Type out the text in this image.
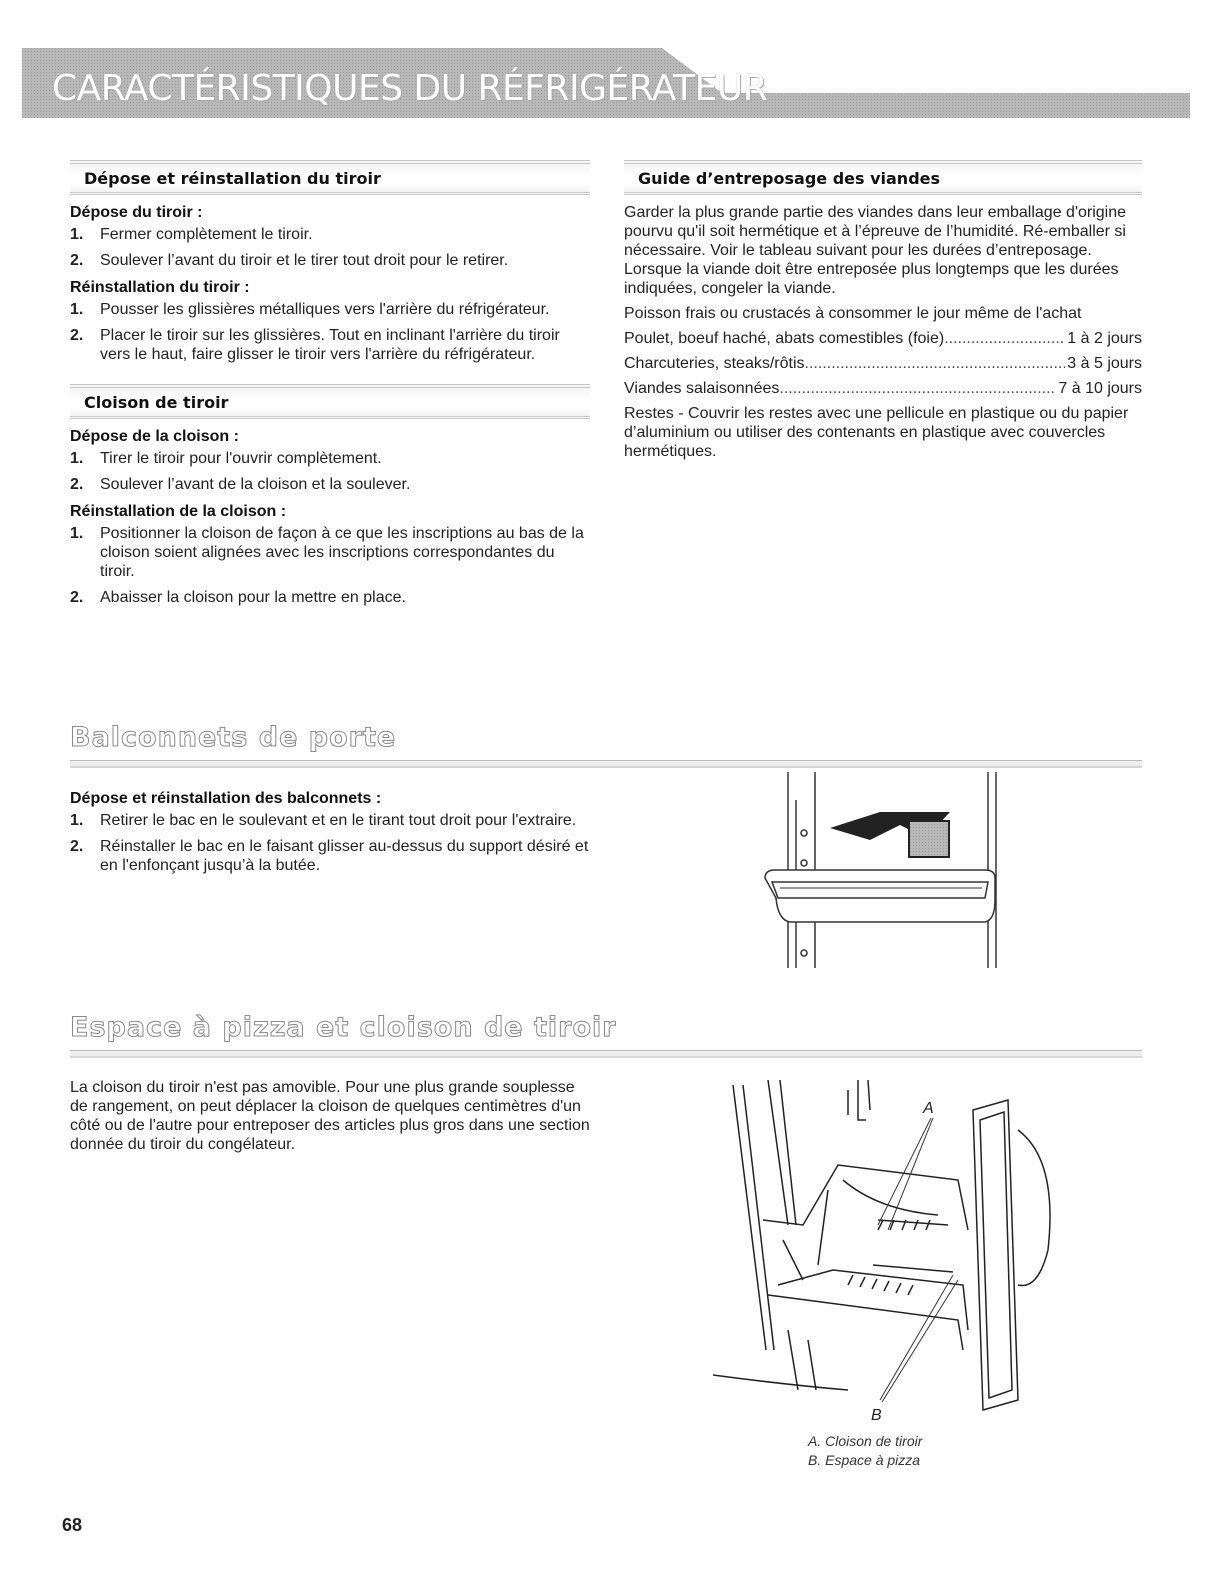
CARACTÉRISTIQUES DU RÉFRIGÉRATEUR
Dépose et réinstallation du tiroir
Dépose du tiroir :
1. Fermer complètement le tiroir.
2. Soulever l’avant du tiroir et le tirer tout droit pour le retirer.
Réinstallation du tiroir :
1. Pousser les glissières métalliques vers l'arrière du réfrigérateur.
2. Placer le tiroir sur les glissières. Tout en inclinant l'arrière du tiroir vers le haut, faire glisser le tiroir vers l'arrière du réfrigérateur.
Cloison de tiroir
Dépose de la cloison :
1. Tirer le tiroir pour l'ouvrir complètement.
2. Soulever l’avant de la cloison et la soulever.
Réinstallation de la cloison :
1. Positionner la cloison de façon à ce que les inscriptions au bas de la cloison soient alignées avec les inscriptions correspondantes du tiroir.
2. Abaisser la cloison pour la mettre en place.
Guide d’entreposage des viandes

Garder la plus grande partie des viandes dans leur emballage d'origine pourvu qu'il soit hermétique et à l’épreuve de l’humidité. Ré-emballer si nécessaire. Voir le tableau suivant pour les durées d’entreposage. Lorsque la viande doit être entreposée plus longtemps que les durées indiquées, congeler la viande.

Poisson frais ou crustacés à consommer le jour même de l'achat

Poulet, boeuf haché, abats comestibles (foie) .....	1 à 2 jours
Charcuteries, steaks/rôtis .....	3 à 5 jours
Viandes salaisonnées .....	7 à 10 jours

Restes - Couvrir les restes avec une pellicule en plastique ou du papier d’aluminium ou utiliser des contenants en plastique avec couvercles hermétiques.

Balconnets de porte
Dépose et réinstallation des balconnets :
1. Retirer le bac en le soulevant et en le tirant tout droit pour l'extraire.
2. Réinstaller le bac en le faisant glisser au-dessus du support désiré et en l'enfonçant jusqu’à la butée.
Espace à pizza et cloison de tiroir

La cloison du tiroir n'est pas amovible. Pour une plus grande souplesse de rangement, on peut déplacer la cloison de quelques centimètres d'un côté ou de l'autre pour entreposer des articles plus gros dans une section donnée du tiroir du congélateur.

A
B
A. Cloison de tiroir
B. Espace à pizza
68
